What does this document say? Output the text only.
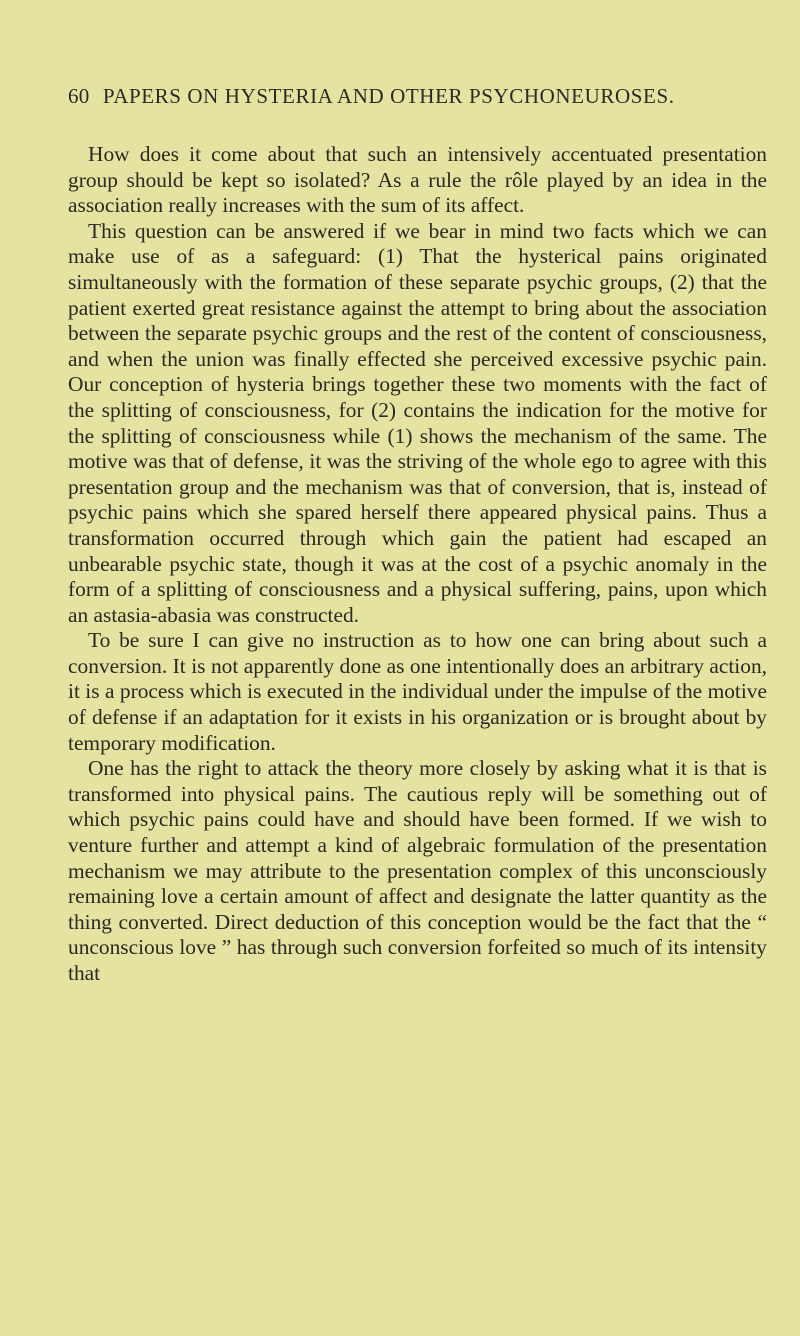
60 PAPERS ON HYSTERIA AND OTHER PSYCHONEUROSES.

How does it come about that such an intensively accentuated presentation group should be kept so isolated? As a rule the rôle played by an idea in the association really increases with the sum of its affect.

This question can be answered if we bear in mind two facts which we can make use of as a safeguard: (1) That the hysterical pains originated simultaneously with the formation of these separate psychic groups, (2) that the patient exerted great resistance against the attempt to bring about the association between the separate psychic groups and the rest of the content of consciousness, and when the union was finally effected she perceived excessive psychic pain. Our conception of hysteria brings together these two moments with the fact of the splitting of consciousness, for (2) contains the indication for the motive for the splitting of consciousness while (1) shows the mechanism of the same. The motive was that of defense, it was the striving of the whole ego to agree with this presentation group and the mechanism was that of conversion, that is, instead of psychic pains which she spared herself there appeared physical pains. Thus a transformation occurred through which gain the patient had escaped an unbearable psychic state, though it was at the cost of a psychic anomaly in the form of a splitting of consciousness and a physical suffering, pains, upon which an astasia-abasia was constructed.

To be sure I can give no instruction as to how one can bring about such a conversion. It is not apparently done as one intentionally does an arbitrary action, it is a process which is executed in the individual under the impulse of the motive of defense if an adaptation for it exists in his organization or is brought about by temporary modification.

One has the right to attack the theory more closely by asking what it is that is transformed into physical pains. The cautious reply will be something out of which psychic pains could have and should have been formed. If we wish to venture further and attempt a kind of algebraic formulation of the presentation mechanism we may attribute to the presentation complex of this unconsciously remaining love a certain amount of affect and designate the latter quantity as the thing converted. Direct deduction of this conception would be the fact that the “ unconscious love ” has through such conversion forfeited so much of its intensity that
